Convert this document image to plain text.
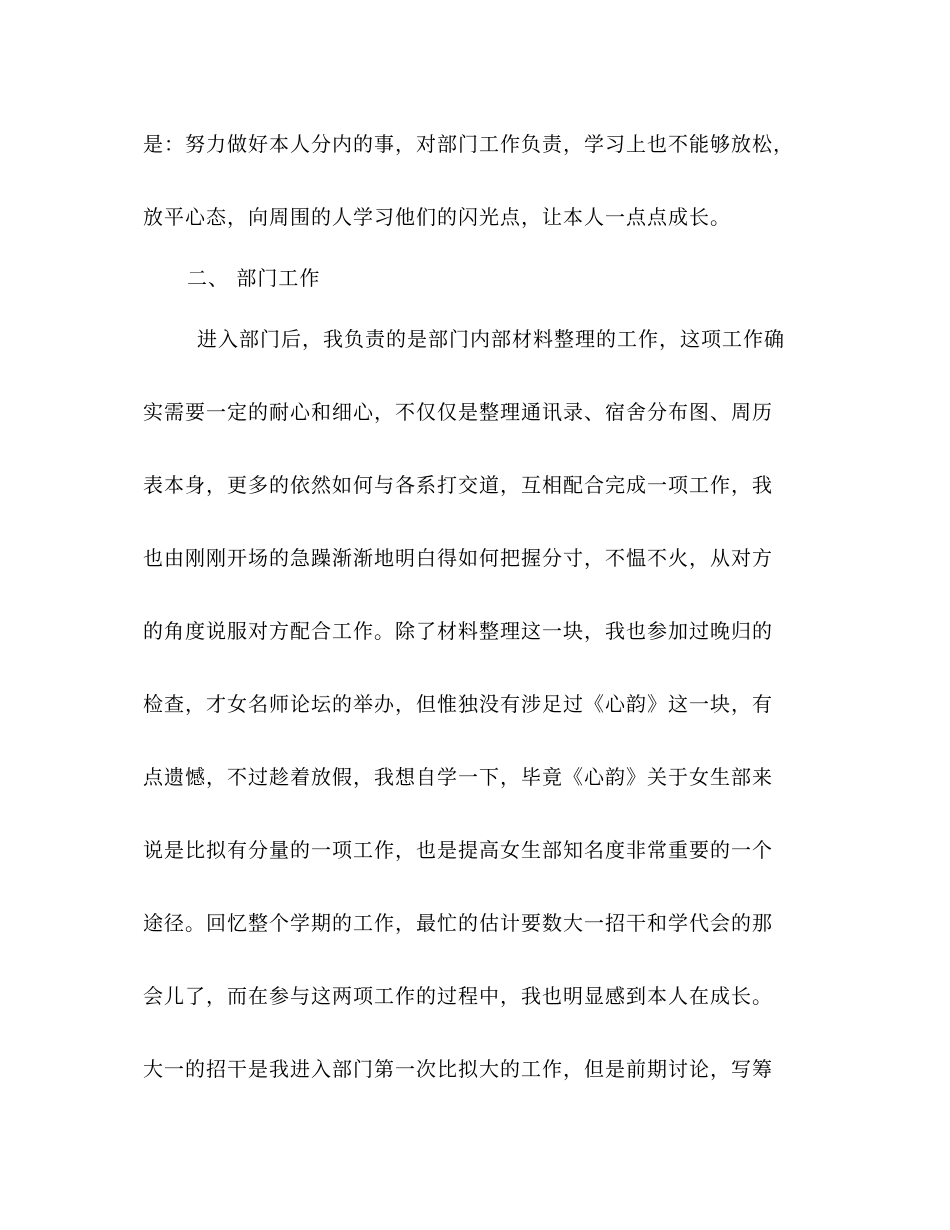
是：努力做好本人分内的事，对部门工作负责，学习上也不能够放松，
放平心态，向周围的人学习他们的闪光点，让本人一点点成长。
二、 部门工作
进入部门后，我负责的是部门内部材料整理的工作，这项工作确
实需要一定的耐心和细心，不仅仅是整理通讯录、宿舍分布图、周历
表本身，更多的依然如何与各系打交道，互相配合完成一项工作，我
也由刚刚开场的急躁渐渐地明白得如何把握分寸，不愠不火，从对方
的角度说服对方配合工作。除了材料整理这一块，我也参加过晚归的
检查，才女名师论坛的举办，但惟独没有涉足过《心韵》这一块，有
点遗憾，不过趁着放假，我想自学一下，毕竟《心韵》关于女生部来
说是比拟有分量的一项工作，也是提高女生部知名度非常重要的一个
途径。回忆整个学期的工作，最忙的估计要数大一招干和学代会的那
会儿了，而在参与这两项工作的过程中，我也明显感到本人在成长。
大一的招干是我进入部门第一次比拟大的工作，但是前期讨论，写筹
